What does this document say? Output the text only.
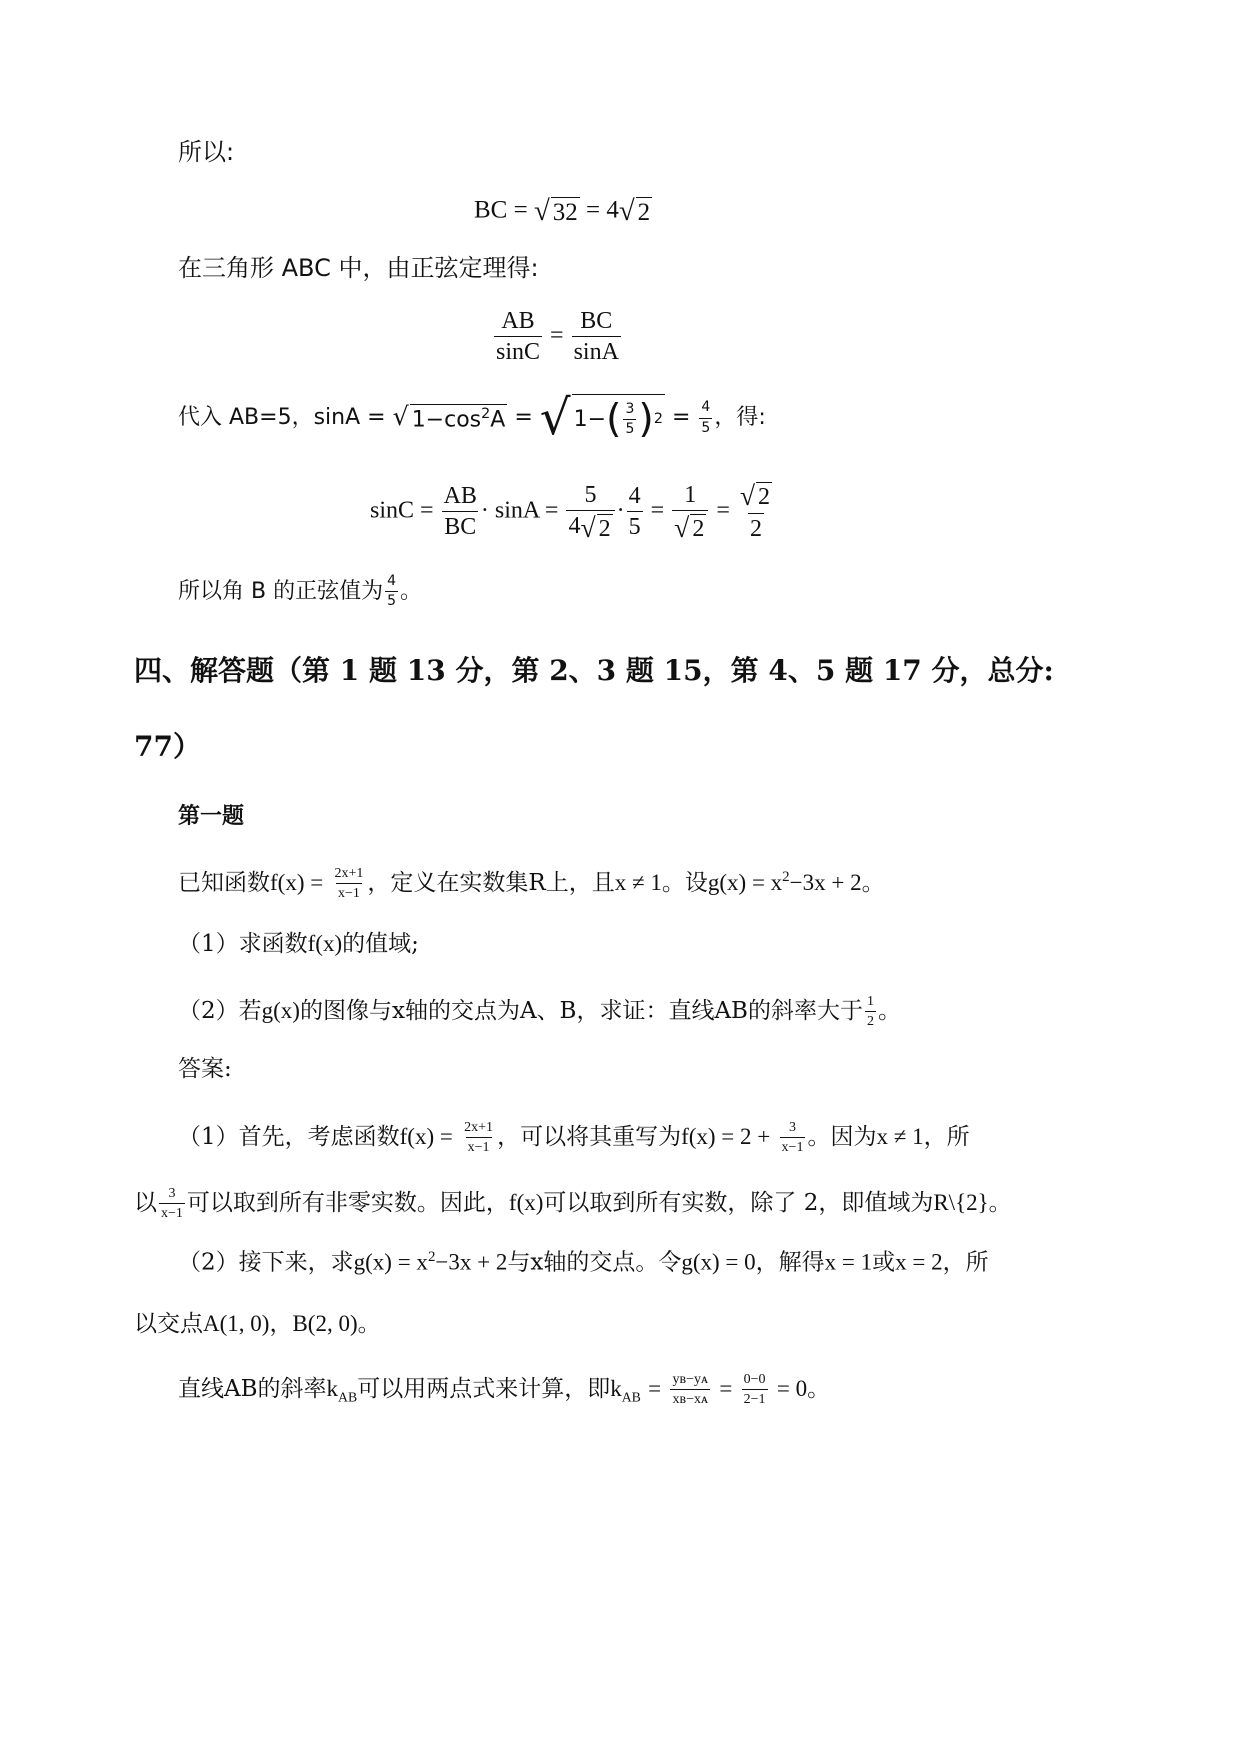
所以:
BC = √ 32 = 4 √ 2
在三角形 ABC 中，由正弦定理得:
$\frac{AB}{\sin C} = \frac{BC}{\sin A}$
代入 AB=5，sinA = √ $1-\cos^2A$ = √ 1− ( $\frac{3}{5}$ ) $2 = \frac{4}{5}$ ，得:
$\sin C = \frac{AB}{BC} \cdot \sin A = \frac{5}{4 √ 2} \cdot \frac{4}{5} = \frac{1}{√ 2} = \frac{√ 2}{2}$
所以角 B 的正弦值为 $\frac{4}{5}$ 。
四、解答题（第 1 题 13 分，第 2、3 题 15，第 4、5 题 17 分，总分:
77）
第一题
已知函数$f(x) = \frac{2x+1}{x-1}$ ，定义在实数集R上，且x ≠ 1。设$g(x) = x^2-3x + 2$。
（1）求函数f(x)的值域;
（2）若g(x)的图像与x轴的交点为A、B，求证：直线AB的斜率大于 $\frac{1}{2}$ 。
答案:
（1）首先，考虑函数$f(x) = \frac{2x+1}{x-1}$ ，可以将其重写为$f(x) = 2 + \frac{3}{x-1}$ 。因为x ≠ 1，所
以 $\frac{3}{x-1}$ 可以取到所有非零实数。因此，f(x)可以取到所有实数，除了 2，即值域为R\{2}。
（2）接下来，求$g(x) = x^2-3x + 2$与x轴的交点。令g(x) = 0，解得x = 1或x = 2，所
以交点A(1, 0)，B(2, 0)。
直线AB的斜率$k_{AB}$可以用两点式来计算，即$k_{AB} = \frac{\text{yʙ−yᴀ}}{\text{xʙ−xᴀ}} = \frac{0-0}{2-1} = 0$。
